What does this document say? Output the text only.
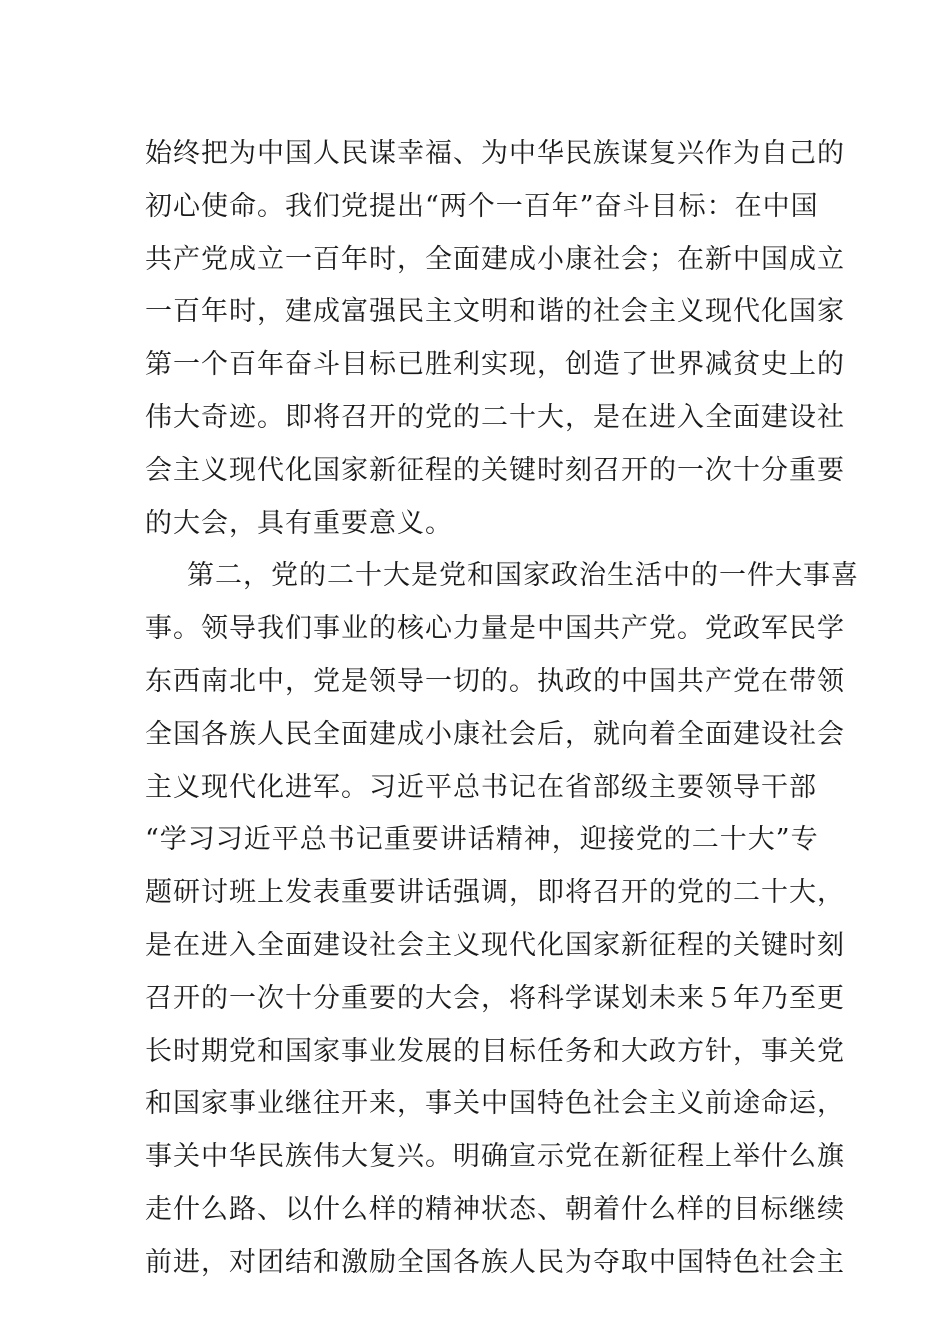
始终把为中国人民谋幸福、为中华民族谋复兴作为自己的
初心使命。我们党提出“两个一百年”奋斗目标：在中国
共产党成立一百年时，全面建成小康社会；在新中国成立
一百年时，建成富强民主文明和谐的社会主义现代化国家
第一个百年奋斗目标已胜利实现，创造了世界减贫史上的
伟大奇迹。即将召开的党的二十大，是在进入全面建设社
会主义现代化国家新征程的关键时刻召开的一次十分重要
的大会，具有重要意义。
第二，党的二十大是党和国家政治生活中的一件大事喜
事。领导我们事业的核心力量是中国共产党。党政军民学
东西南北中，党是领导一切的。执政的中国共产党在带领
全国各族人民全面建成小康社会后，就向着全面建设社会
主义现代化进军。习近平总书记在省部级主要领导干部
“学习习近平总书记重要讲话精神，迎接党的二十大”专
题研讨班上发表重要讲话强调，即将召开的党的二十大，
是在进入全面建设社会主义现代化国家新征程的关键时刻
召开的一次十分重要的大会，将科学谋划未来５年乃至更
长时期党和国家事业发展的目标任务和大政方针，事关党
和国家事业继往开来，事关中国特色社会主义前途命运，
事关中华民族伟大复兴。明确宣示党在新征程上举什么旗
走什么路、以什么样的精神状态、朝着什么样的目标继续
前进，对团结和激励全国各族人民为夺取中国特色社会主
